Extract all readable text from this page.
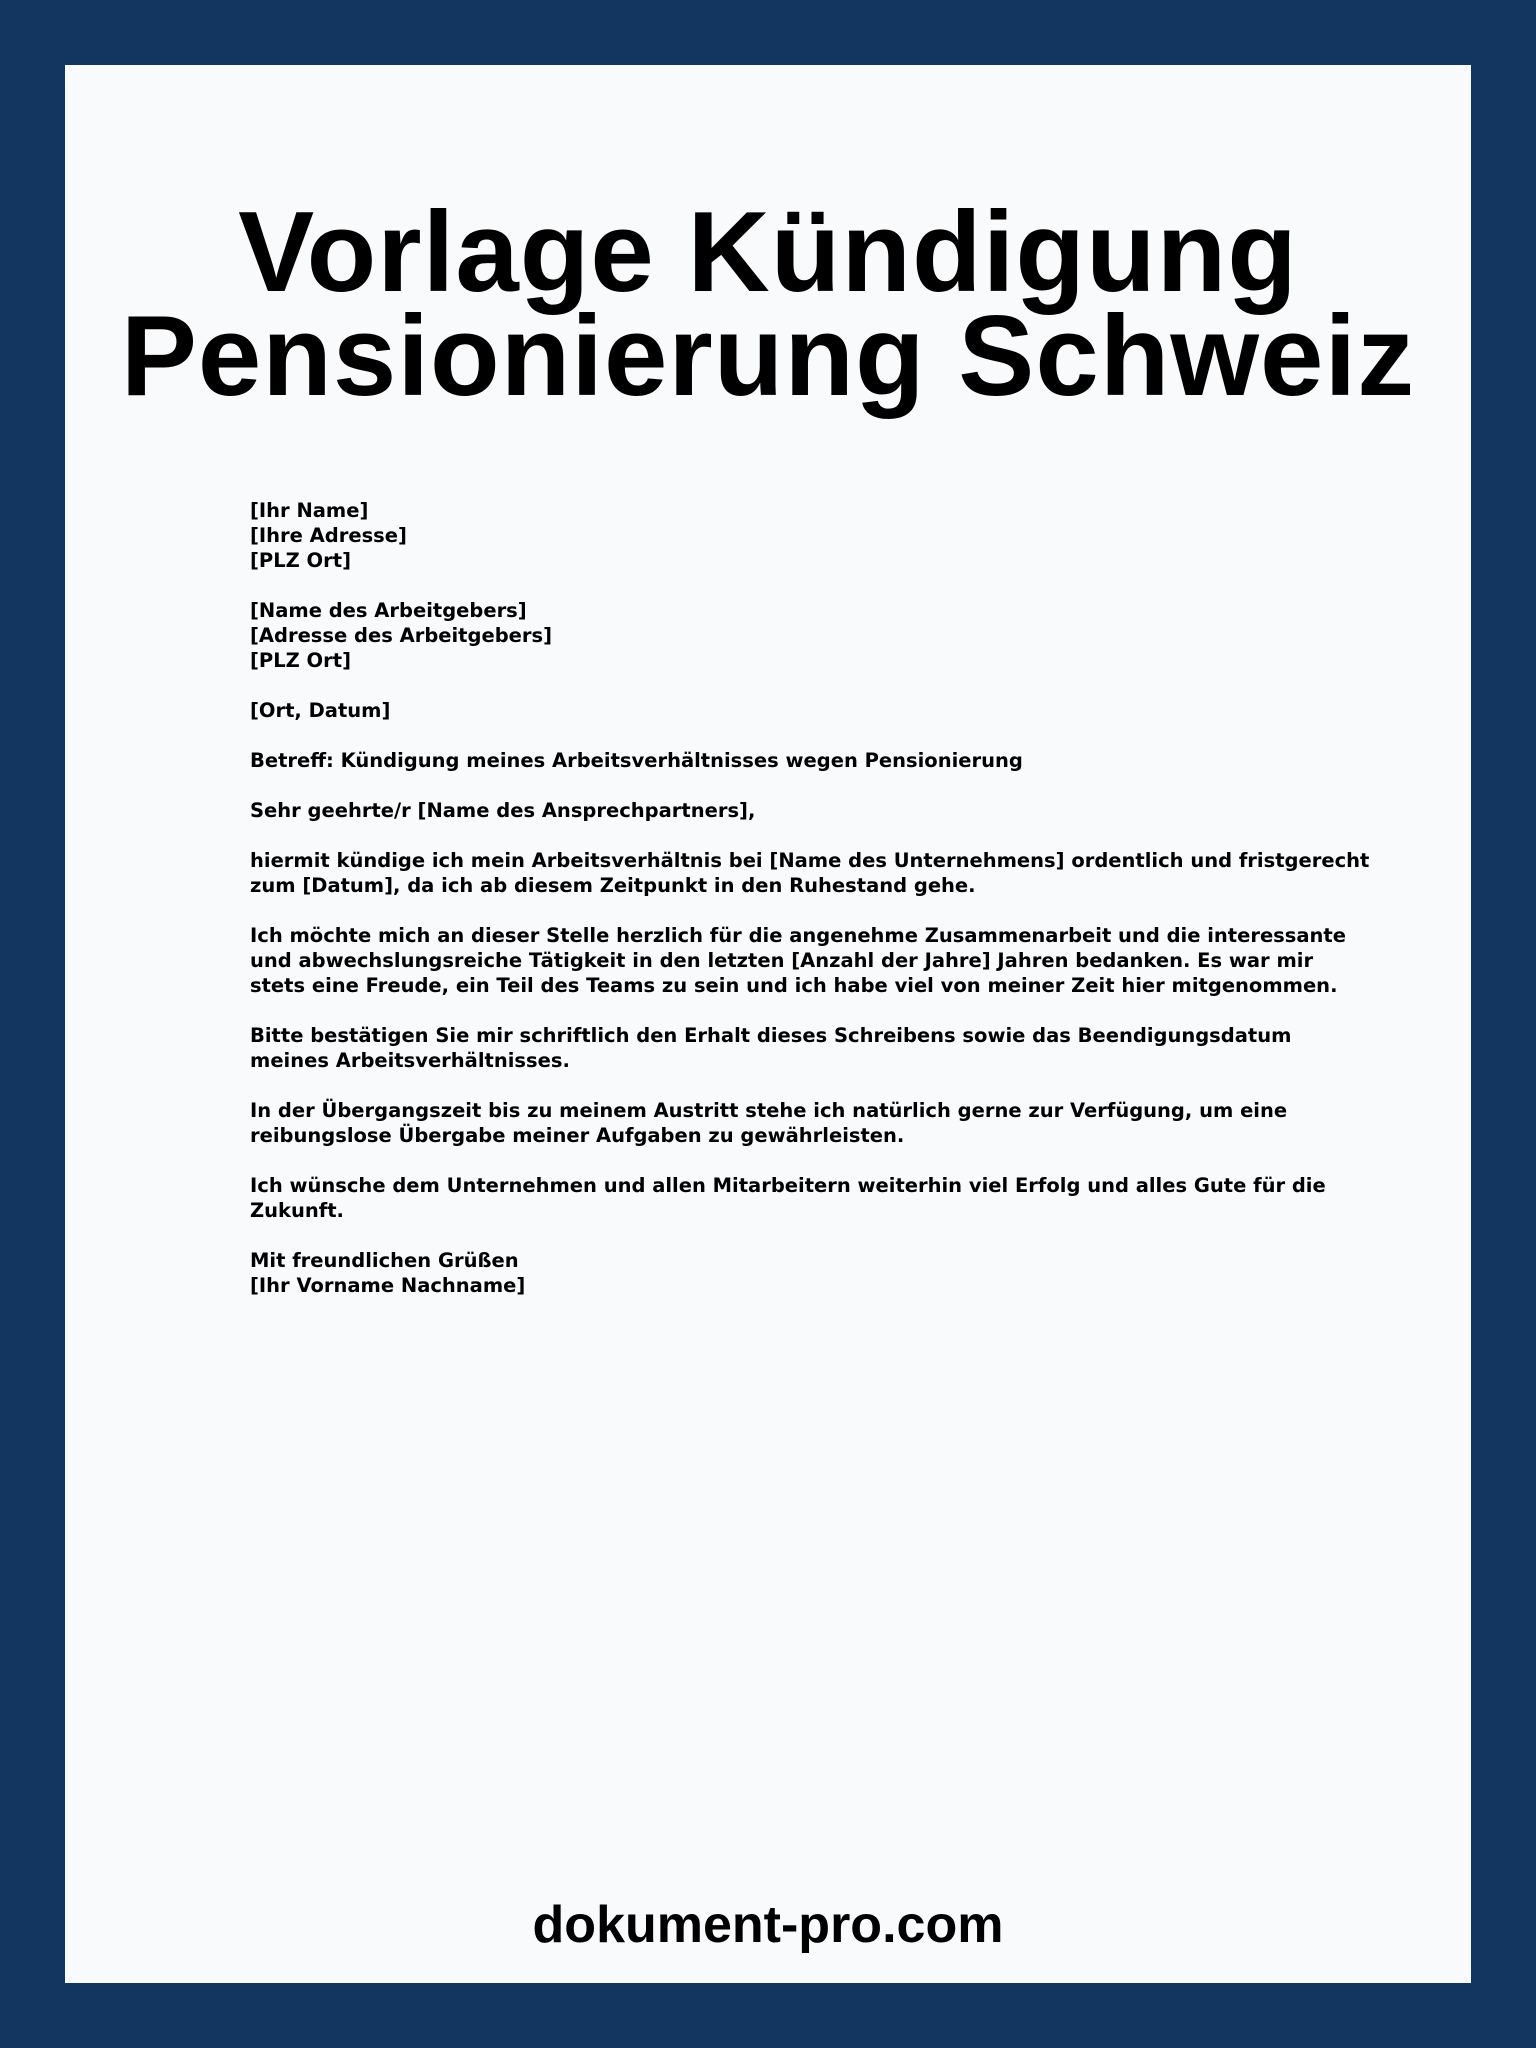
Vorlage Kündigung
Pensionierung Schweiz
[Ihr Name]
[Ihre Adresse]
[PLZ Ort]
[Name des Arbeitgebers]
[Adresse des Arbeitgebers]
[PLZ Ort]
[Ort, Datum]
Betreff: Kündigung meines Arbeitsverhältnisses wegen Pensionierung
Sehr geehrte/r [Name des Ansprechpartners],

hiermit kündige ich mein Arbeitsverhältnis bei [Name des Unternehmens] ordentlich und fristgerecht zum [Datum], da ich ab diesem Zeitpunkt in den Ruhestand gehe.

Ich möchte mich an dieser Stelle herzlich für die angenehme Zusammenarbeit und die interessante und abwechslungsreiche Tätigkeit in den letzten [Anzahl der Jahre] Jahren bedanken. Es war mir stets eine Freude, ein Teil des Teams zu sein und ich habe viel von meiner Zeit hier mitgenommen.

Bitte bestätigen Sie mir schriftlich den Erhalt dieses Schreibens sowie das Beendigungsdatum meines Arbeitsverhältnisses.

In der Übergangszeit bis zu meinem Austritt stehe ich natürlich gerne zur Verfügung, um eine reibungslose Übergabe meiner Aufgaben zu gewährleisten.

Ich wünsche dem Unternehmen und allen Mitarbeitern weiterhin viel Erfolg und alles Gute für die Zukunft.

Mit freundlichen Grüßen
[Ihr Vorname Nachname]
dokument-pro.com
